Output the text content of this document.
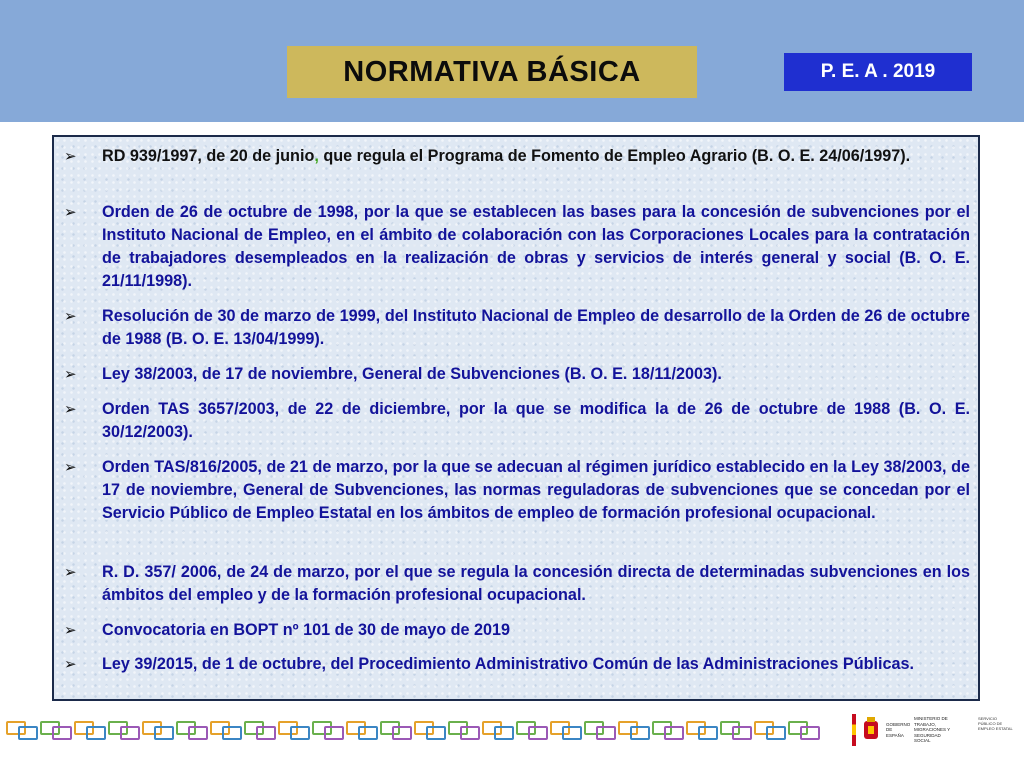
NORMATIVA BÁSICA	P. E. A . 2019
➢	RD 939/1997, de 20 de junio, que regula el Programa de Fomento de Empleo Agrario (B. O. E. 24/06/1997).
➢	Orden de 26 de octubre de 1998, por la que se establecen las bases para la concesión de subvenciones por el Instituto Nacional de Empleo, en el ámbito de colaboración con las Corporaciones Locales para la contratación de trabajadores desempleados en la realización de obras y servicios de interés general y social (B. O. E. 21/11/1998).
➢	Resolución de 30 de marzo de 1999, del Instituto Nacional de Empleo de desarrollo de la Orden de 26 de octubre de 1988 (B. O. E. 13/04/1999).
➢	Ley 38/2003, de 17 de noviembre, General de Subvenciones (B. O. E. 18/11/2003).
➢	Orden TAS 3657/2003, de 22 de diciembre, por la que se modifica la de 26 de octubre de 1988 (B. O. E. 30/12/2003).
➢	Orden TAS/816/2005, de 21 de marzo, por la que se adecuan al régimen jurídico establecido en la Ley 38/2003, de 17 de noviembre, General de Subvenciones, las normas reguladoras de subvenciones que se concedan por el Servicio Público de Empleo Estatal en los ámbitos de empleo de formación profesional ocupacional.
➢	R. D. 357/ 2006, de 24 de marzo, por el que se regula la concesión directa de determinadas subvenciones en los ámbitos del empleo y de la formación profesional ocupacional.
➢	Convocatoria en BOPT nº 101 de 30 de mayo de 2019
➢	Ley 39/2015, de 1 de octubre, del Procedimiento Administrativo Común de las Administraciones Públicas.
GOBIERNO DE ESPAÑA
MINISTERIO DE TRABAJO, MIGRACIONES Y SEGURIDAD SOCIAL
SERVICIO PÚBLICO DE EMPLEO ESTATAL
